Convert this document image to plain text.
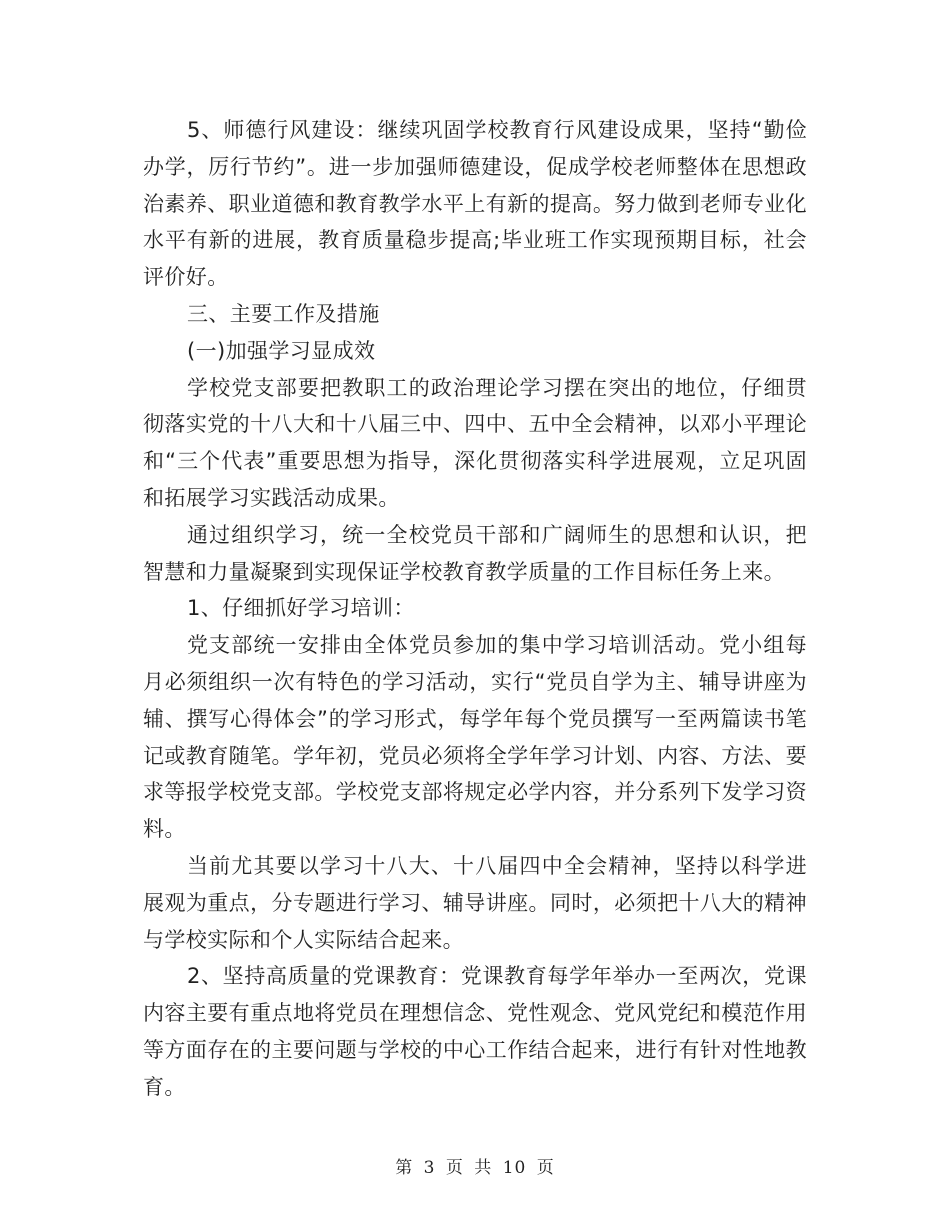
5、师德行风建设：继续巩固学校教育行风建设成果，坚持“勤俭办学，厉行节约”。进一步加强师德建设，促成学校老师整体在思想政治素养、职业道德和教育教学水平上有新的提高。努力做到老师专业化水平有新的进展，教育质量稳步提高;毕业班工作实现预期目标，社会评价好。

三、主要工作及措施

(一)加强学习显成效

学校党支部要把教职工的政治理论学习摆在突出的地位，仔细贯彻落实党的十八大和十八届三中、四中、五中全会精神，以邓小平理论和“三个代表”重要思想为指导，深化贯彻落实科学进展观，立足巩固和拓展学习实践活动成果。

通过组织学习，统一全校党员干部和广阔师生的思想和认识，把智慧和力量凝聚到实现保证学校教育教学质量的工作目标任务上来。

1、仔细抓好学习培训：

党支部统一安排由全体党员参加的集中学习培训活动。党小组每月必须组织一次有特色的学习活动，实行“党员自学为主、辅导讲座为辅、撰写心得体会”的学习形式，每学年每个党员撰写一至两篇读书笔记或教育随笔。学年初，党员必须将全学年学习计划、内容、方法、要求等报学校党支部。学校党支部将规定必学内容，并分系列下发学习资料。

当前尤其要以学习十八大、十八届四中全会精神，坚持以科学进展观为重点，分专题进行学习、辅导讲座。同时，必须把十八大的精神与学校实际和个人实际结合起来。

2、坚持高质量的党课教育：党课教育每学年举办一至两次，党课内容主要有重点地将党员在理想信念、党性观念、党风党纪和模范作用等方面存在的主要问题与学校的中心工作结合起来，进行有针对性地教育。

第 3 页 共 10 页
